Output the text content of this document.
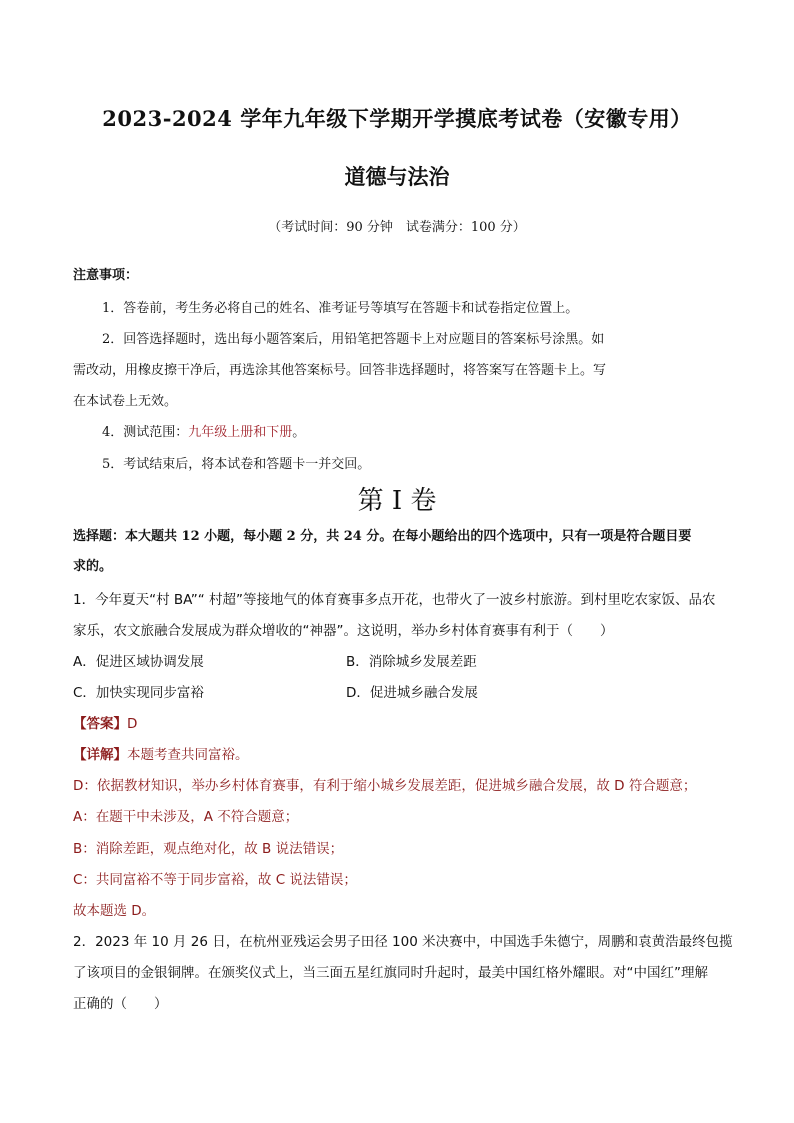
2023-2024 学年九年级下学期开学摸底考试卷（安徽专用）
道德与法治
（考试时间：90 分钟　试卷满分：100 分）
注意事项：
1．答卷前，考生务必将自己的姓名、准考证号等填写在答题卡和试卷指定位置上。
2．回答选择题时，选出每小题答案后，用铅笔把答题卡上对应题目的答案标号涂黑。如
需改动，用橡皮擦干净后，再选涂其他答案标号。回答非选择题时，将答案写在答题卡上。写
在本试卷上无效。
4．测试范围：九年级上册和下册。
5．考试结束后，将本试卷和答题卡一并交回。
第 I 卷
选择题：本大题共 12 小题，每小题 2 分，共 24 分。在每小题给出的四个选项中，只有一项是符合题目要
求的。
1．今年夏天“村 BA”“ 村超”等接地气的体育赛事多点开花，也带火了一波乡村旅游。到村里吃农家饭、品农
家乐，农文旅融合发展成为群众增收的“神器”。这说明，举办乡村体育赛事有利于（　　）
A．促进区域协调发展	B．消除城乡发展差距
C．加快实现同步富裕	D．促进城乡融合发展
【答案】D
【详解】本题考查共同富裕。
D：依据教材知识，举办乡村体育赛事，有利于缩小城乡发展差距，促进城乡融合发展，故 D 符合题意；
A：在题干中未涉及，A 不符合题意；
B：消除差距，观点绝对化，故 B 说法错误；
C：共同富裕不等于同步富裕，故 C 说法错误；
故本题选 D。
2．2023 年 10 月 26 日，在杭州亚残运会男子田径 100 米决赛中，中国选手朱德宁，周鹏和袁黄浩最终包揽
了该项目的金银铜牌。在颁奖仪式上，当三面五星红旗同时升起时，最美中国红格外耀眼。对“中国红”理解
正确的（　　）
